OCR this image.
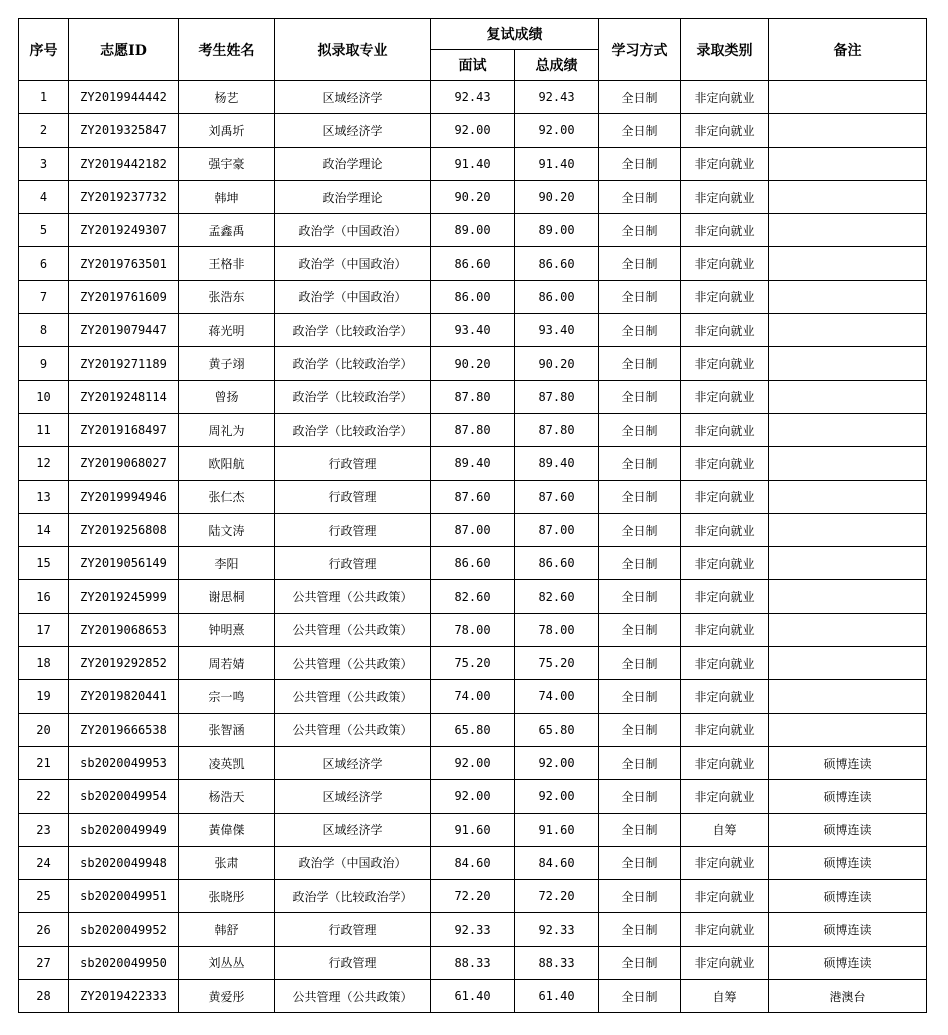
序号	志愿ID	考生姓名	拟录取专业	复试成绩		学习方式	录取类别	备注
				面试	总成绩			
1	ZY2019944442	杨艺	区域经济学	92.43	92.43	全日制	非定向就业	
2	ZY2019325847	刘禹圻	区域经济学	92.00	92.00	全日制	非定向就业	
3	ZY2019442182	强宇豪	政治学理论	91.40	91.40	全日制	非定向就业	
4	ZY2019237732	韩坤	政治学理论	90.20	90.20	全日制	非定向就业	
5	ZY2019249307	孟鑫禹	政治学（中国政治）	89.00	89.00	全日制	非定向就业	
6	ZY2019763501	王格非	政治学（中国政治）	86.60	86.60	全日制	非定向就业	
7	ZY2019761609	张浩东	政治学（中国政治）	86.00	86.00	全日制	非定向就业	
8	ZY2019079447	蒋光明	政治学（比较政治学）	93.40	93.40	全日制	非定向就业	
9	ZY2019271189	黄子翊	政治学（比较政治学）	90.20	90.20	全日制	非定向就业	
10	ZY2019248114	曾扬	政治学（比较政治学）	87.80	87.80	全日制	非定向就业	
11	ZY2019168497	周礼为	政治学（比较政治学）	87.80	87.80	全日制	非定向就业	
12	ZY2019068027	欧阳航	行政管理	89.40	89.40	全日制	非定向就业	
13	ZY2019994946	张仁杰	行政管理	87.60	87.60	全日制	非定向就业	
14	ZY2019256808	陆文涛	行政管理	87.00	87.00	全日制	非定向就业	
15	ZY2019056149	李阳	行政管理	86.60	86.60	全日制	非定向就业	
16	ZY2019245999	谢思桐	公共管理（公共政策）	82.60	82.60	全日制	非定向就业	
17	ZY2019068653	钟明熹	公共管理（公共政策）	78.00	78.00	全日制	非定向就业	
18	ZY2019292852	周若婧	公共管理（公共政策）	75.20	75.20	全日制	非定向就业	
19	ZY2019820441	宗一鸣	公共管理（公共政策）	74.00	74.00	全日制	非定向就业	
20	ZY2019666538	张智涵	公共管理（公共政策）	65.80	65.80	全日制	非定向就业	
21	sb2020049953	凌英凯	区域经济学	92.00	92.00	全日制	非定向就业	硕博连读
22	sb2020049954	杨浩天	区域经济学	92.00	92.00	全日制	非定向就业	硕博连读
23	sb2020049949	黃偉傑	区域经济学	91.60	91.60	全日制	自筹	硕博连读
24	sb2020049948	张肃	政治学（中国政治）	84.60	84.60	全日制	非定向就业	硕博连读
25	sb2020049951	张晓彤	政治学（比较政治学）	72.20	72.20	全日制	非定向就业	硕博连读
26	sb2020049952	韩舒	行政管理	92.33	92.33	全日制	非定向就业	硕博连读
27	sb2020049950	刘丛丛	行政管理	88.33	88.33	全日制	非定向就业	硕博连读
28	ZY2019422333	黄爱彤	公共管理（公共政策）	61.40	61.40	全日制	自筹	港澳台
